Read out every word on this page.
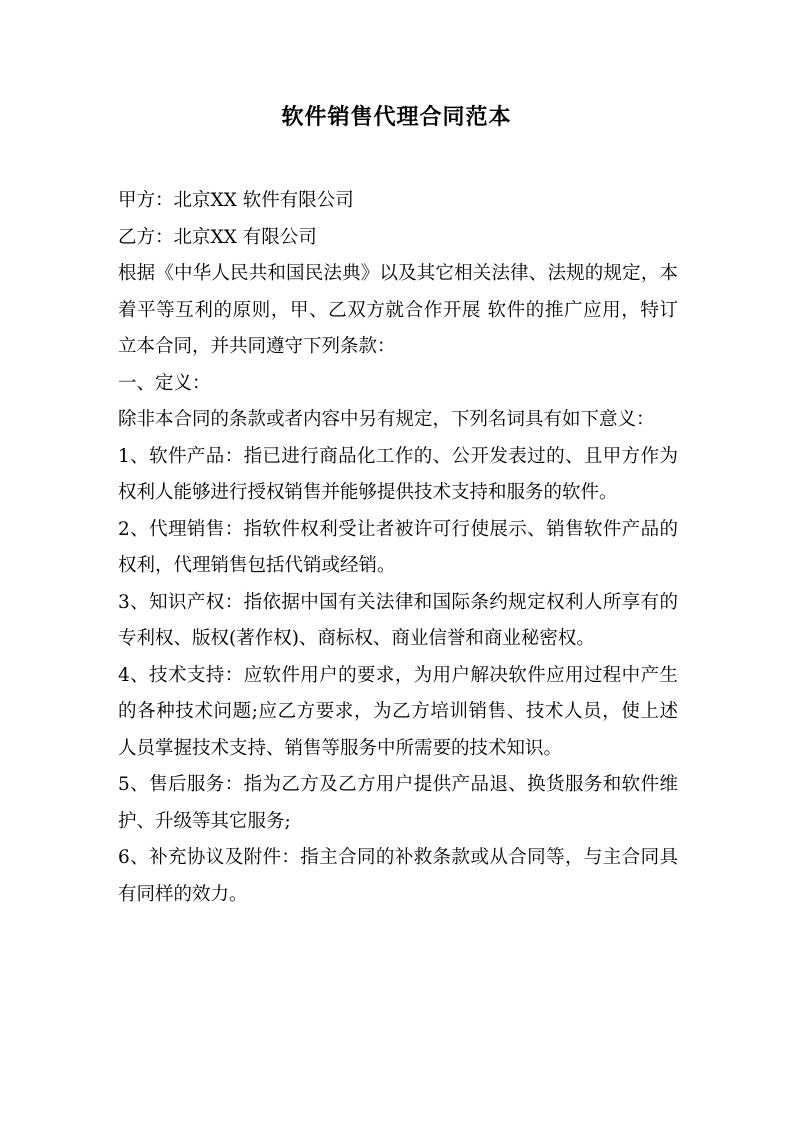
软件销售代理合同范本

甲方：北京XX 软件有限公司

乙方：北京XX 有限公司

根据《中华人民共和国民法典》以及其它相关法律、法规的规定，本着平等互利的原则，甲、乙双方就合作开展 软件的推广应用，特订立本合同，并共同遵守下列条款：

一、定义：

除非本合同的条款或者内容中另有规定，下列名词具有如下意义：

1、软件产品：指已进行商品化工作的、公开发表过的、且甲方作为权利人能够进行授权销售并能够提供技术支持和服务的软件。

2、代理销售：指软件权利受让者被许可行使展示、销售软件产品的权利，代理销售包括代销或经销。

3、知识产权：指依据中国有关法律和国际条约规定权利人所享有的专利权、版权(著作权)、商标权、商业信誉和商业秘密权。

4、技术支持：应软件用户的要求，为用户解决软件应用过程中产生的各种技术问题;应乙方要求，为乙方培训销售、技术人员，使上述人员掌握技术支持、销售等服务中所需要的技术知识。

5、售后服务：指为乙方及乙方用户提供产品退、换货服务和软件维护、升级等其它服务;

6、补充协议及附件：指主合同的补救条款或从合同等，与主合同具有同样的效力。
